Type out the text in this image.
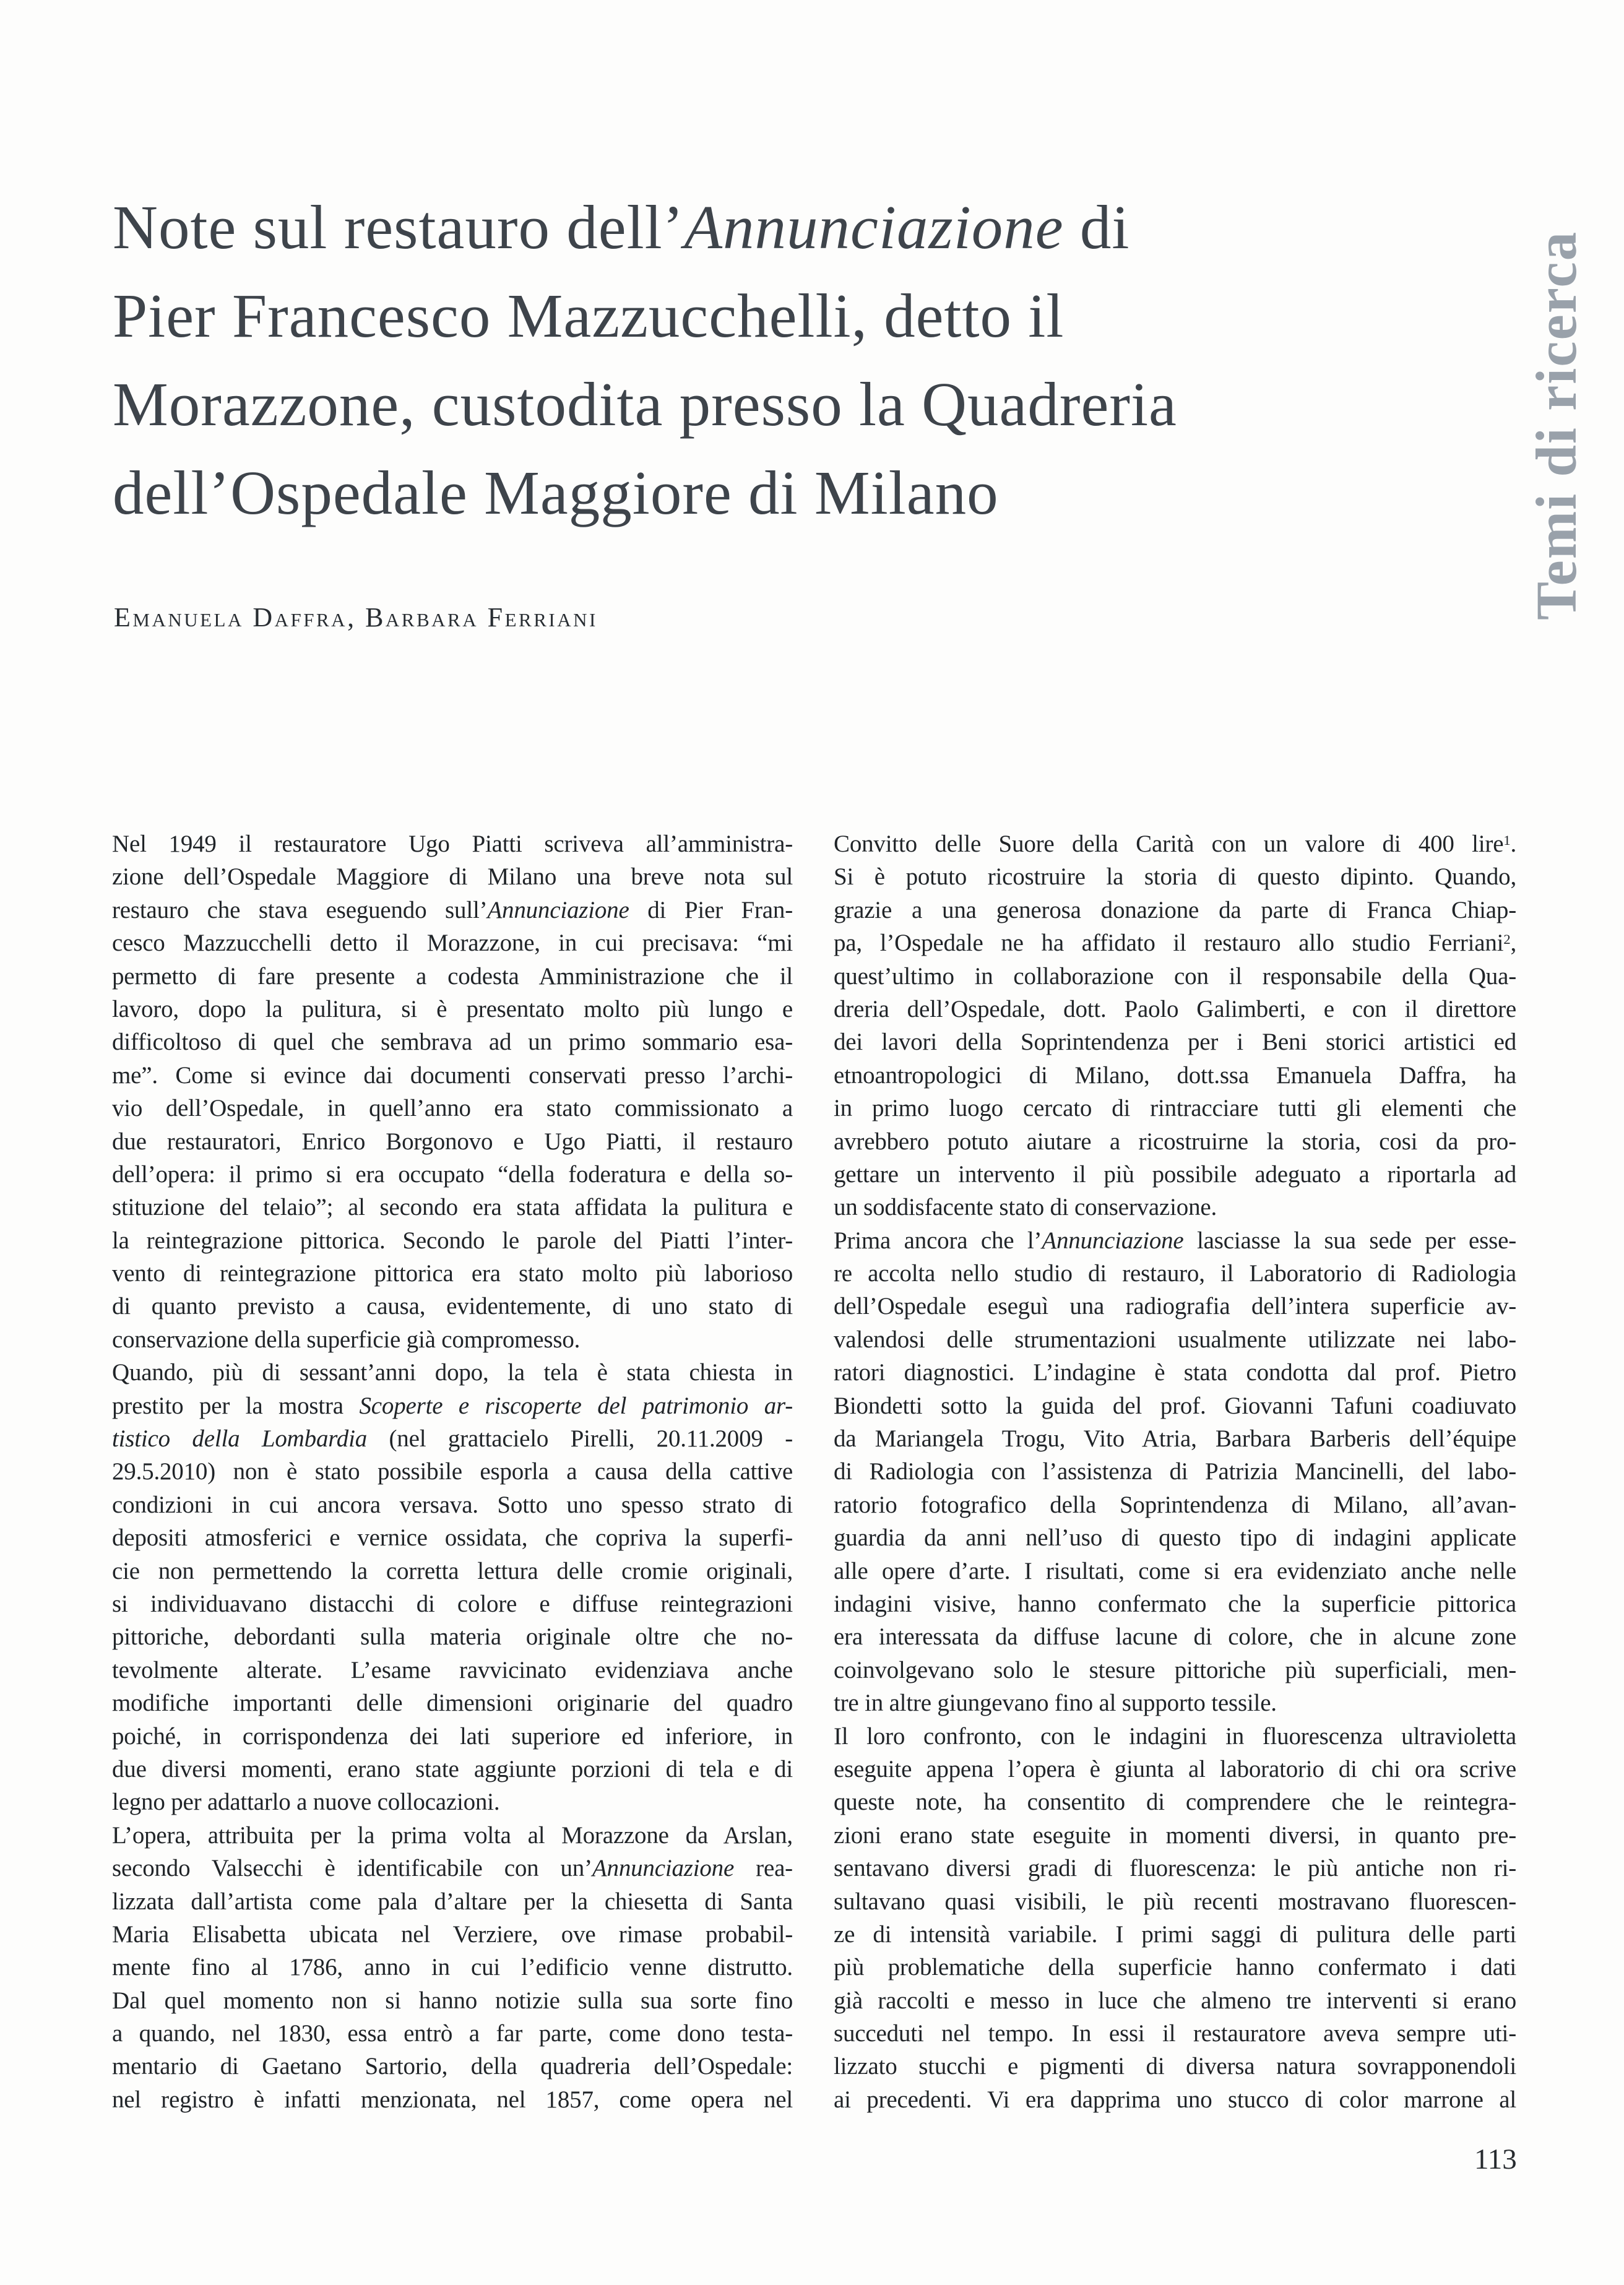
Temi di ricerca
Note sul restauro dell’Annunciazione di
Pier Francesco Mazzucchelli, detto il
Morazzone, custodita presso la Quadreria
dell’Ospedale Maggiore di Milano
Emanuela Daffra, Barbara Ferriani
Nel 1949 il restauratore Ugo Piatti scriveva all’amministra-
zione dell’Ospedale Maggiore di Milano una breve nota sul
restauro che stava eseguendo sull’Annunciazione di Pier Fran-
cesco Mazzucchelli detto il Morazzone, in cui precisava: “mi
permetto di fare presente a codesta Amministrazione che il
lavoro, dopo la pulitura, si è presentato molto più lungo e
difficoltoso di quel che sembrava ad un primo sommario esa-
me”. Come si evince dai documenti conservati presso l’archi-
vio dell’Ospedale, in quell’anno era stato commissionato a
due restauratori, Enrico Borgonovo e Ugo Piatti, il restauro
dell’opera: il primo si era occupato “della foderatura e della so-
stituzione del telaio”; al secondo era stata affidata la pulitura e
la reintegrazione pittorica. Secondo le parole del Piatti l’inter-
vento di reintegrazione pittorica era stato molto più laborioso
di quanto previsto a causa, evidentemente, di uno stato di
conservazione della superficie già compromesso.
Quando, più di sessant’anni dopo, la tela è stata chiesta in
prestito per la mostra Scoperte e riscoperte del patrimonio ar-
tistico della Lombardia (nel grattacielo Pirelli, 20.11.2009 -
29.5.2010) non è stato possibile esporla a causa della cattive
condizioni in cui ancora versava. Sotto uno spesso strato di
depositi atmosferici e vernice ossidata, che copriva la superfi-
cie non permettendo la corretta lettura delle cromie originali,
si individuavano distacchi di colore e diffuse reintegrazioni
pittoriche, debordanti sulla materia originale oltre che no-
tevolmente alterate. L’esame ravvicinato evidenziava anche
modifiche importanti delle dimensioni originarie del quadro
poiché, in corrispondenza dei lati superiore ed inferiore, in
due diversi momenti, erano state aggiunte porzioni di tela e di
legno per adattarlo a nuove collocazioni.
L’opera, attribuita per la prima volta al Morazzone da Arslan,
secondo Valsecchi è identificabile con un’Annunciazione rea-
lizzata dall’artista come pala d’altare per la chiesetta di Santa
Maria Elisabetta ubicata nel Verziere, ove rimase probabil-
mente fino al 1786, anno in cui l’edificio venne distrutto.
Dal quel momento non si hanno notizie sulla sua sorte fino
a quando, nel 1830, essa entrò a far parte, come dono testa-
mentario di Gaetano Sartorio, della quadreria dell’Ospedale:
nel registro è infatti menzionata, nel 1857, come opera nel
Convitto delle Suore della Carità con un valore di 400 lire$^1$.
Si è potuto ricostruire la storia di questo dipinto. Quando,
grazie a una generosa donazione da parte di Franca Chiap-
pa, l’Ospedale ne ha affidato il restauro allo studio Ferriani$^2$,
quest’ultimo in collaborazione con il responsabile della Qua-
dreria dell’Ospedale, dott. Paolo Galimberti, e con il direttore
dei lavori della Soprintendenza per i Beni storici artistici ed
etnoantropologici di Milano, dott.ssa Emanuela Daffra, ha
in primo luogo cercato di rintracciare tutti gli elementi che
avrebbero potuto aiutare a ricostruirne la storia, cosi da pro-
gettare un intervento il più possibile adeguato a riportarla ad
un soddisfacente stato di conservazione.
Prima ancora che l’Annunciazione lasciasse la sua sede per esse-
re accolta nello studio di restauro, il Laboratorio di Radiologia
dell’Ospedale eseguì una radiografia dell’intera superficie av-
valendosi delle strumentazioni usualmente utilizzate nei labo-
ratori diagnostici. L’indagine è stata condotta dal prof. Pietro
Biondetti sotto la guida del prof. Giovanni Tafuni coadiuvato
da Mariangela Trogu, Vito Atria, Barbara Barberis dell’équipe
di Radiologia con l’assistenza di Patrizia Mancinelli, del labo-
ratorio fotografico della Soprintendenza di Milano, all’avan-
guardia da anni nell’uso di questo tipo di indagini applicate
alle opere d’arte. I risultati, come si era evidenziato anche nelle
indagini visive, hanno confermato che la superficie pittorica
era interessata da diffuse lacune di colore, che in alcune zone
coinvolgevano solo le stesure pittoriche più superficiali, men-
tre in altre giungevano fino al supporto tessile.
Il loro confronto, con le indagini in fluorescenza ultravioletta
eseguite appena l’opera è giunta al laboratorio di chi ora scrive
queste note, ha consentito di comprendere che le reintegra-
zioni erano state eseguite in momenti diversi, in quanto pre-
sentavano diversi gradi di fluorescenza: le più antiche non ri-
sultavano quasi visibili, le più recenti mostravano fluorescen-
ze di intensità variabile. I primi saggi di pulitura delle parti
più problematiche della superficie hanno confermato i dati
già raccolti e messo in luce che almeno tre interventi si erano
succeduti nel tempo. In essi il restauratore aveva sempre uti-
lizzato stucchi e pigmenti di diversa natura sovrapponendoli
ai precedenti. Vi era dapprima uno stucco di color marrone al
113
